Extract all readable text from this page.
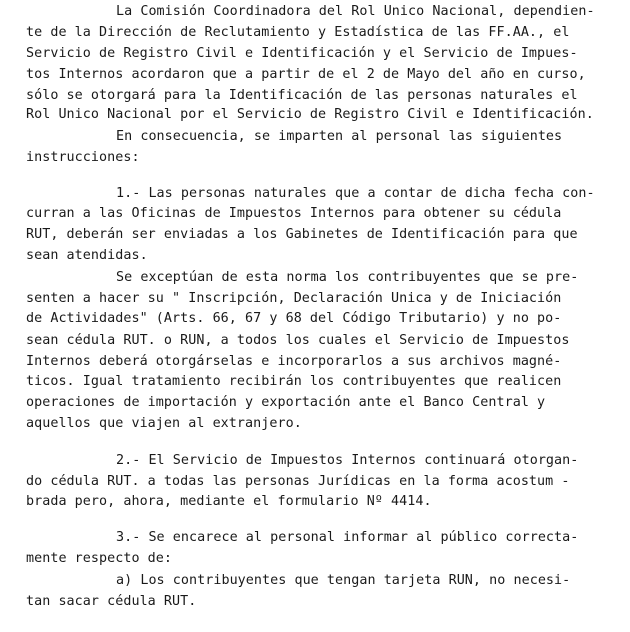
La Comisión Coordinadora del Rol Unico Nacional, dependien-
te de la Dirección de Reclutamiento y Estadística de las FF.AA., el
Servicio de Registro Civil e Identificación y el Servicio de Impues-
tos Internos acordaron que a partir de el 2 de Mayo del año en curso,
sólo se otorgará para la Identificación de las personas naturales el
Rol Unico Nacional por el Servicio de Registro Civil e Identificación.
En consecuencia, se imparten al personal las siguientes
instrucciones:
1.- Las personas naturales que a contar de dicha fecha con-
curran a las Oficinas de Impuestos Internos para obtener su cédula
RUT, deberán ser enviadas a los Gabinetes de Identificación para que
sean atendidas.
Se exceptúan de esta norma los contribuyentes que se pre-
senten a hacer su " Inscripción, Declaración Unica y de Iniciación
de Actividades" (Arts. 66, 67 y 68 del Código Tributario) y no po-
sean cédula RUT. o RUN, a todos los cuales el Servicio de Impuestos
Internos deberá otorgárselas e incorporarlos a sus archivos magné-
ticos. Igual tratamiento recibirán los contribuyentes que realicen
operaciones de importación y exportación ante el Banco Central y
aquellos que viajen al extranjero.
2.- El Servicio de Impuestos Internos continuará otorgan-
do cédula RUT. a todas las personas Jurídicas en la forma acostum -
brada pero, ahora, mediante el formulario Nº 4414.
3.- Se encarece al personal informar al público correcta-
mente respecto de:
a) Los contribuyentes que tengan tarjeta RUN, no necesi-
tan sacar cédula RUT.
